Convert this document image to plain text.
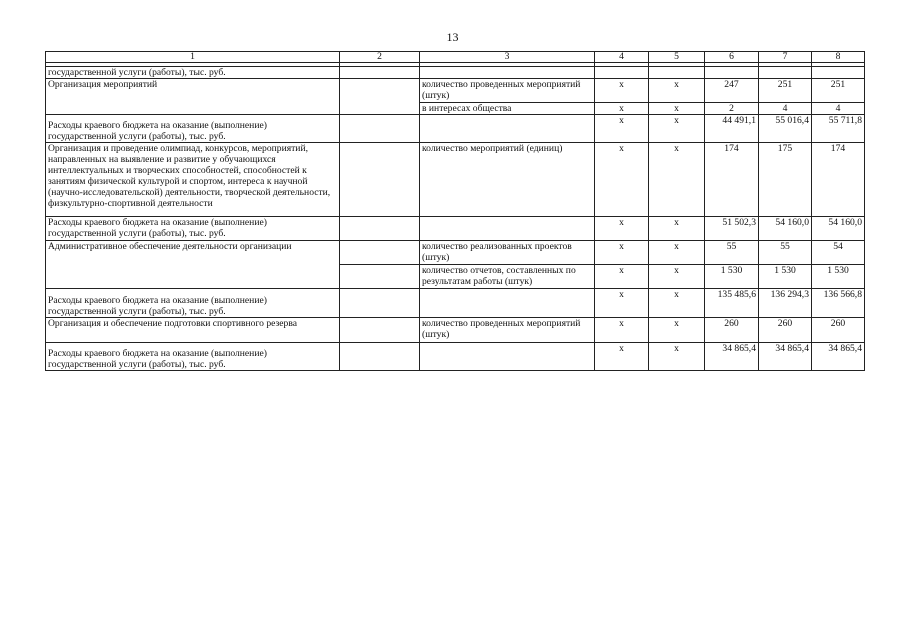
13
1	2	3	4	5	6	7	8

государственной услуги (работы), тыс. руб.							
Организация мероприятий		количество проведенных мероприятий (штук)	х	х	247	251	251
		в интересах общества	х	х	2	4	4
Расходы краевого бюджета на оказание (выполнение) государственной услуги (работы), тыс. руб.			х	х	44 491,1	55 016,4	55 711,8
Организация и проведение олимпиад, конкурсов, мероприятий, направленных на выявление и развитие у обучающихся интеллектуальных и творческих способностей, способностей к занятиям физической культурой и спортом, интереса к научной (научно-исследовательской) деятельности, творческой деятельности, физкультурно-спортивной деятельности		количество мероприятий (единиц)	х	х	174	175	174
Расходы краевого бюджета на оказание (выполнение) государственной услуги (работы), тыс. руб.			х	х	51 502,3	54 160,0	54 160,0
Административное обеспечение деятельности организации		количество реализованных проектов (штук)	х	х	55	55	54
		количество отчетов, составленных по результатам работы (штук)	х	х	1 530	1 530	1 530
Расходы краевого бюджета на оказание (выполнение) государственной услуги (работы), тыс. руб.			х	х	135 485,6	136 294,3	136 566,8
Организация и обеспечение подготовки спортивного резерва		количество проведенных мероприятий (штук)	х	х	260	260	260
Расходы краевого бюджета на оказание (выполнение) государственной услуги (работы), тыс. руб.			х	х	34 865,4	34 865,4	34 865,4
